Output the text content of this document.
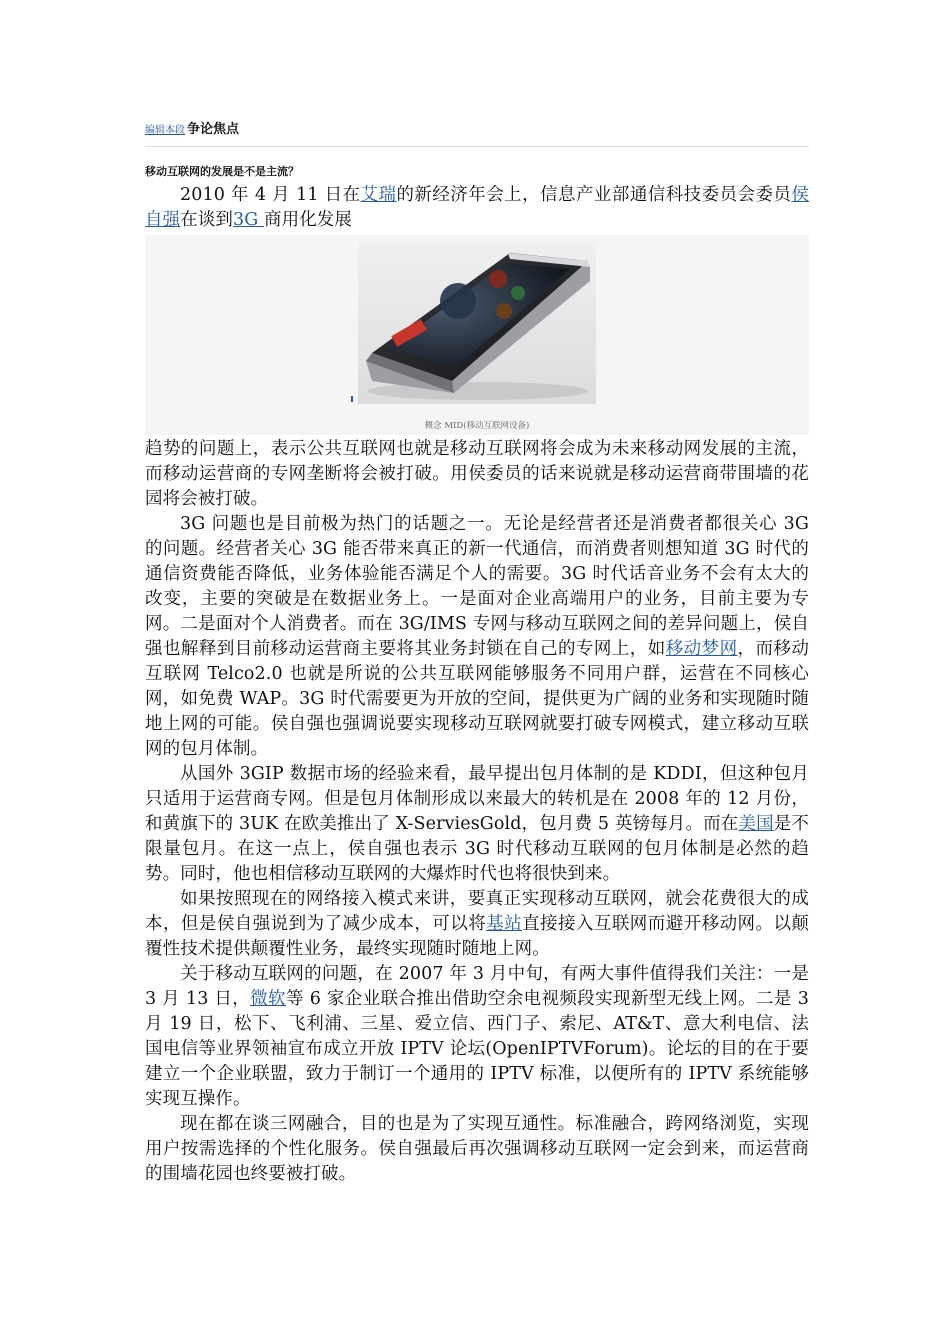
编辑本段 争论焦点
移动互联网的发展是不是主流？

2010 年 4 月 11 日在艾瑞的新经济年会上，信息产业部通信科技委员会委员侯自强在谈到3G 商用化发展

概念 MID(移动互联网设备)

趋势的问题上，表示公共互联网也就是移动互联网将会成为未来移动网发展的主流，而移动运营商的专网垄断将会被打破。用侯委员的话来说就是移动运营商带围墙的花园将会被打破。

3G 问题也是目前极为热门的话题之一。无论是经营者还是消费者都很关心 3G 的问题。经营者关心 3G 能否带来真正的新一代通信，而消费者则想知道 3G 时代的通信资费能否降低，业务体验能否满足个人的需要。3G 时代话音业务不会有太大的改变，主要的突破是在数据业务上。一是面对企业高端用户的业务，目前主要为专网。二是面对个人消费者。而在 3G/IMS 专网与移动互联网之间的差异问题上，侯自强也解释到目前移动运营商主要将其业务封锁在自己的专网上，如移动梦网，而移动互联网 Telco2.0 也就是所说的公共互联网能够服务不同用户群，运营在不同核心网，如免费 WAP。3G 时代需要更为开放的空间，提供更为广阔的业务和实现随时随地上网的可能。侯自强也强调说要实现移动互联网就要打破专网模式，建立移动互联网的包月体制。

从国外 3GIP 数据市场的经验来看，最早提出包月体制的是 KDDI，但这种包月只适用于运营商专网。但是包月体制形成以来最大的转机是在 2008 年的 12 月份，和黄旗下的 3UK 在欧美推出了 X-ServiesGold，包月费 5 英镑每月。而在美国是不限量包月。在这一点上，侯自强也表示 3G 时代移动互联网的包月体制是必然的趋势。同时，他也相信移动互联网的大爆炸时代也将很快到来。

如果按照现在的网络接入模式来讲，要真正实现移动互联网，就会花费很大的成本，但是侯自强说到为了减少成本，可以将基站直接接入互联网而避开移动网。以颠覆性技术提供颠覆性业务，最终实现随时随地上网。

关于移动互联网的问题，在 2007 年 3 月中旬，有两大事件值得我们关注：一是 3 月 13 日，微软等 6 家企业联合推出借助空余电视频段实现新型无线上网。二是 3 月 19 日，松下、飞利浦、三星、爱立信、西门子、索尼、AT&T、意大利电信、法国电信等业界领袖宣布成立开放 IPTV 论坛(OpenIPTVForum)。论坛的目的在于要建立一个企业联盟，致力于制订一个通用的 IPTV 标准，以便所有的 IPTV 系统能够实现互操作。

现在都在谈三网融合，目的也是为了实现互通性。标准融合，跨网络浏览，实现用户按需选择的个性化服务。侯自强最后再次强调移动互联网一定会到来，而运营商的围墙花园也终要被打破。
